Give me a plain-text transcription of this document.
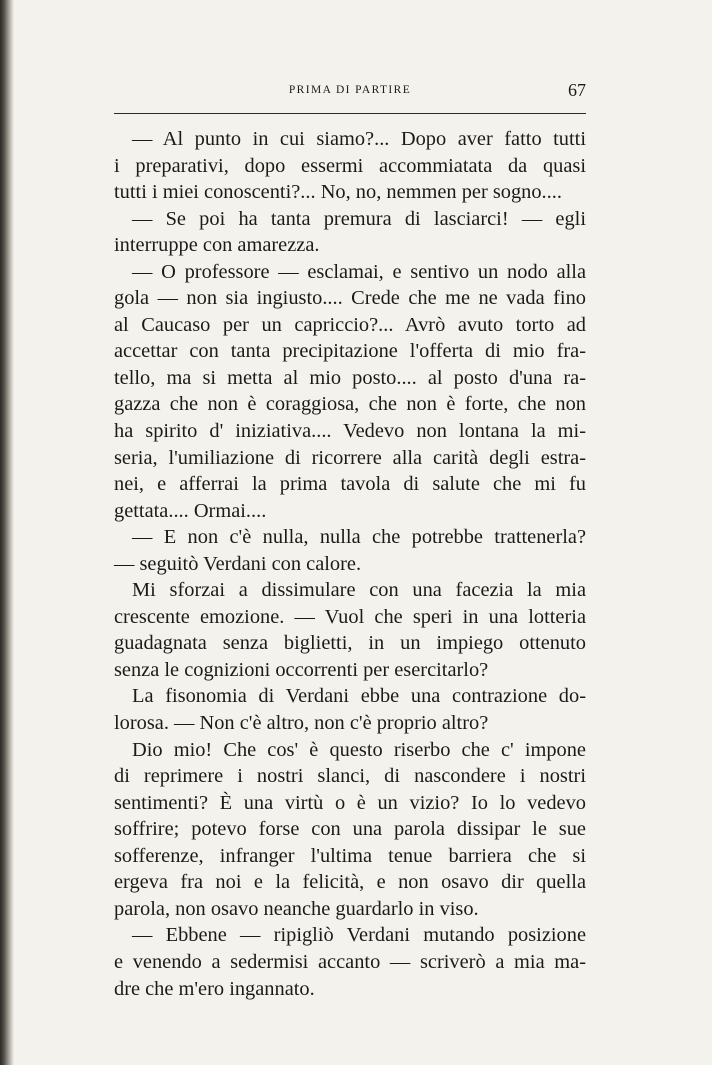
PRIMA DI PARTIRE	67
— Al punto in cui siamo?... Dopo aver fatto tutti
i preparativi, dopo essermi accommiatata da quasi
tutti i miei conoscenti?... No, no, nemmen per sogno....
— Se poi ha tanta premura di lasciarci! — egli
interruppe con amarezza.
— O professore — esclamai, e sentivo un nodo alla
gola — non sia ingiusto.... Crede che me ne vada fino
al Caucaso per un capriccio?... Avrò avuto torto ad
accettar con tanta precipitazione l'offerta di mio fra-
tello, ma si metta al mio posto.... al posto d'una ra-
gazza che non è coraggiosa, che non è forte, che non
ha spirito d' iniziativa.... Vedevo non lontana la mi-
seria, l'umiliazione di ricorrere alla carità degli estra-
nei, e afferrai la prima tavola di salute che mi fu
gettata.... Ormai....
— E non c'è nulla, nulla che potrebbe trattenerla?
— seguitò Verdani con calore.
Mi sforzai a dissimulare con una facezia la mia
crescente emozione. — Vuol che speri in una lotteria
guadagnata senza biglietti, in un impiego ottenuto
senza le cognizioni occorrenti per esercitarlo?
La fisonomia di Verdani ebbe una contrazione do-
lorosa. — Non c'è altro, non c'è proprio altro?
Dio mio! Che cos' è questo riserbo che c' impone
di reprimere i nostri slanci, di nascondere i nostri
sentimenti? È una virtù o è un vizio? Io lo vedevo
soffrire; potevo forse con una parola dissipar le sue
sofferenze, infranger l'ultima tenue barriera che si
ergeva fra noi e la felicità, e non osavo dir quella
parola, non osavo neanche guardarlo in viso.
— Ebbene — ripigliò Verdani mutando posizione
e venendo a sedermisi accanto — scriverò a mia ma-
dre che m'ero ingannato.
